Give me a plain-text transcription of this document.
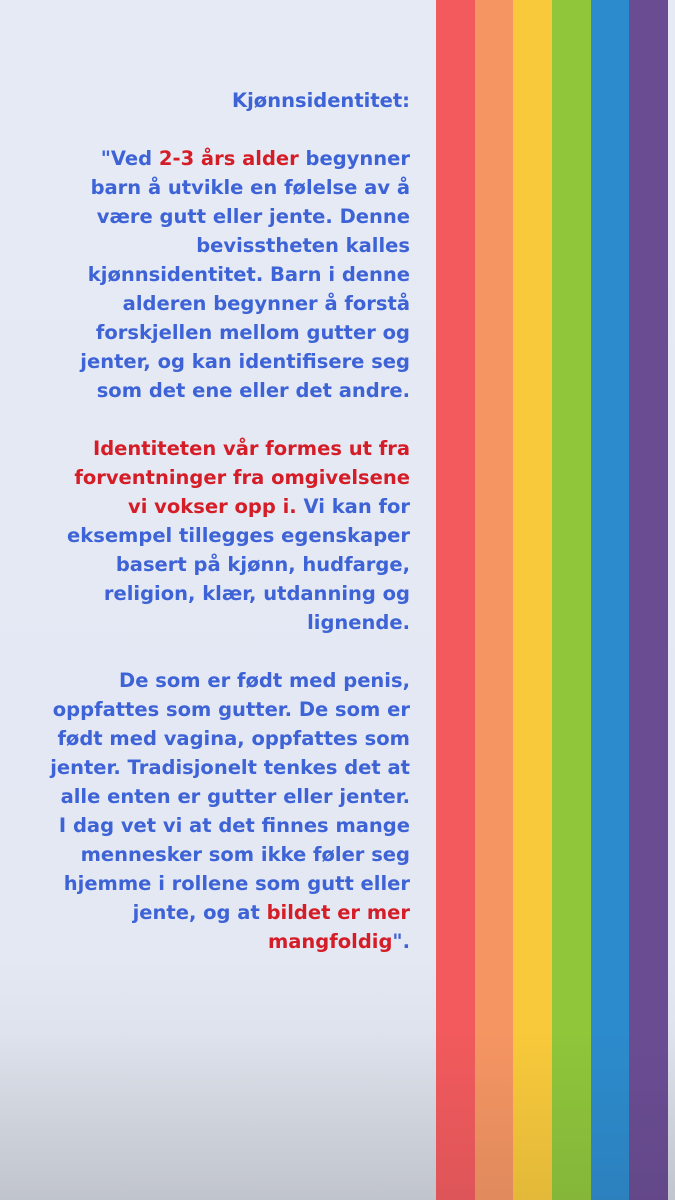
Kjønnsidentitet:

"Ved 2-3 års alder begynner barn å utvikle en følelse av å være gutt eller jente. Denne bevisstheten kalles kjønnsidentitet. Barn i denne alderen begynner å forstå forskjellen mellom gutter og jenter, og kan identifisere seg som det ene eller det andre.

Identiteten vår formes ut fra forventninger fra omgivelsene vi vokser opp i. Vi kan for eksempel tillegges egenskaper basert på kjønn, hudfarge, religion, klær, utdanning og lignende.

De som er født med penis, oppfattes som gutter. De som er født med vagina, oppfattes som jenter. Tradisjonelt tenkes det at alle enten er gutter eller jenter. I dag vet vi at det finnes mange mennesker som ikke føler seg hjemme i rollene som gutt eller jente, og at bildet er mer mangfoldig".
